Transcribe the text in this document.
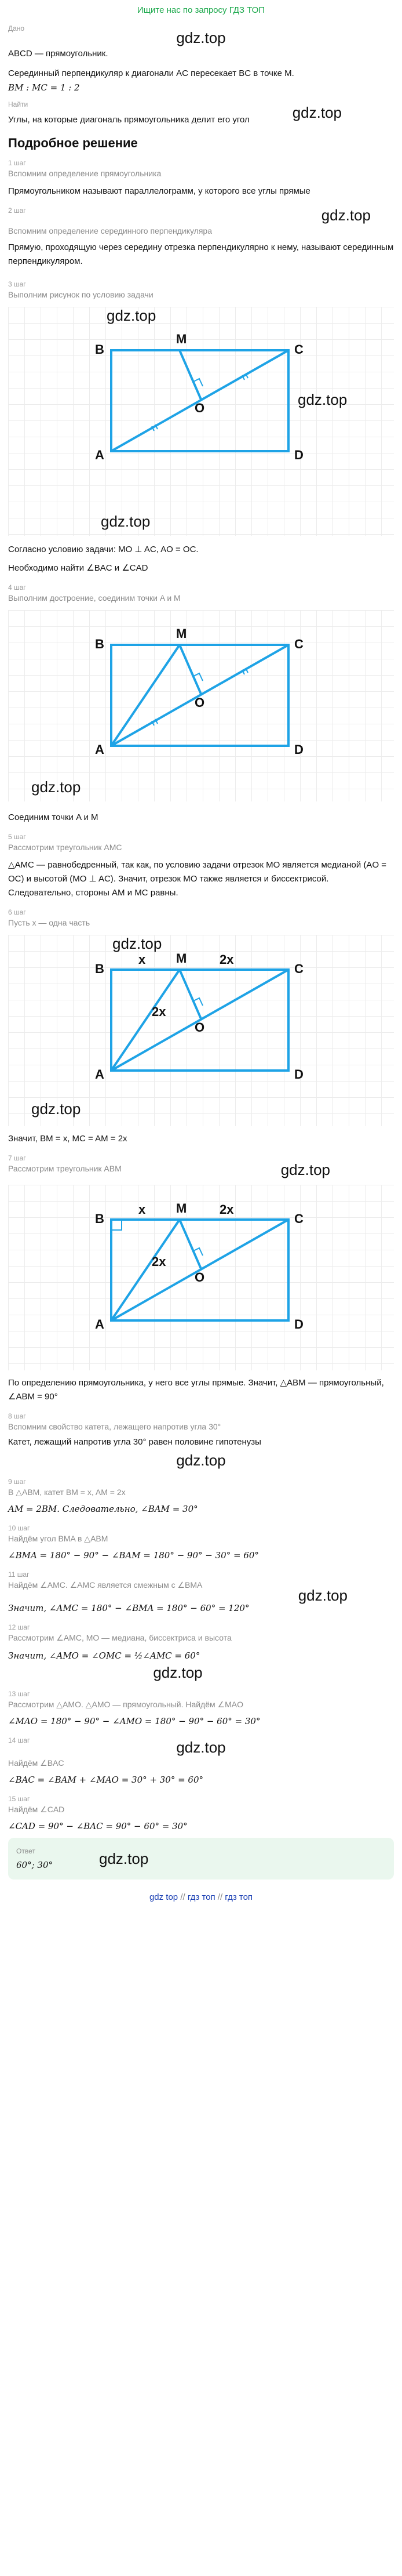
Ищите нас по запросу ГДЗ ТОП
Дано
gdz.top
ABCD — прямоугольник.
Серединный перпендикуляр к диагонали AC пересекает BC в точке M.
BM : MC = 1 : 2
Найти
Углы, на которые диагональ прямоугольника делит его угол	gdz.top
Подробное решение
1 шаг
Вспомним определение прямоугольника
Прямоугольником называют параллелограмм, у которого все углы прямые
2 шаг	gdz.top
Вспомним определение серединного перпендикуляра
Прямую, проходящую через середину отрезка перпендикулярно к нему, называют серединным перпендикуляром.
3 шаг
Выполним рисунок по условию задачи
B
M
C
A	D
O
gdz.top
gdz.top
gdz.top
Согласно условию задачи: MO ⊥ AC, AO = OC.
Необходимо найти ∠BAC и ∠CAD
4 шаг
Выполним достроение, соединим точки A и M
B
M
C
A	D
O
gdz.top
Соединим точки A и M
5 шаг
Рассмотрим треугольник AMC
△AMC — равнобедренный, так как, по условию задачи отрезок MO является медианой (AO = OC) и высотой (MO ⊥ AC). Значит, отрезок MO также является и биссектрисой. Следовательно, стороны AM и MC равны.
6 шаг
Пусть x — одна часть
B
M
C
A	D
O
x	2x
2x
gdz.top
gdz.top
Значит, BM = x, MC = AM = 2x
7 шаг
Рассмотрим треугольник ABM	gdz.top
B
M
C
A	D
O
x	2x
2x
По определению прямоугольника, у него все углы прямые. Значит, △ABM — прямоугольный, ∠ABM = 90°
8 шаг
Вспомним свойство катета, лежащего напротив угла 30°
Катет, лежащий напротив угла 30° равен половине гипотенузы
gdz.top
9 шаг
В △ABM, катет BM = x, AM = 2x
AM = 2BM. Следовательно, ∠BAM = 30°
10 шаг
Найдём угол BMA в △ABM
∠BMA = 180° − 90° − ∠BAM = 180° − 90° − 30° = 60°
11 шаг
Найдём ∠AMC. ∠AMC является смежным с ∠BMA
gdz.top
Значит, ∠AMC = 180° − ∠BMA = 180° − 60° = 120°
12 шаг
Рассмотрим ∠AMC, MO — медиана, биссектриса и высота
Значит, ∠AMO = ∠OMC = ½∠AMC = 60°
gdz.top
13 шаг
Рассмотрим △AMO. △AMO — прямоугольный. Найдём ∠MAO
∠MAO = 180° − 90° − ∠AMO = 180° − 90° − 60° = 30°
14 шаг	gdz.top
Найдём ∠BAC
∠BAC = ∠BAM + ∠MAO = 30° + 30° = 60°
15 шаг
Найдём ∠CAD
∠CAD = 90° − ∠BAC = 90° − 60° = 30°
Ответ
60°; 30°	gdz.top
gdz top // гдз топ // гдз топ
